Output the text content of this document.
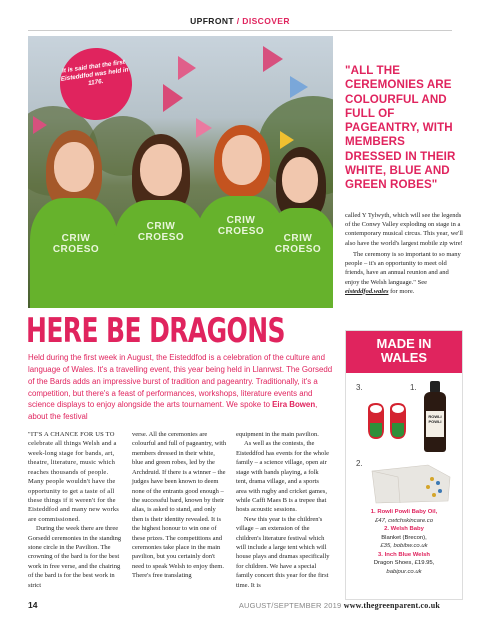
UPFRONT / DISCOVER
CRIW
CROESO
CRIW
CROESO
CRIW
CROESO
CRIW
CROESO
It is said that the first Eisteddfod was held in 1176.
"ALL THE CEREMONIES ARE COLOURFUL AND FULL OF PAGEANTRY, WITH MEMBERS DRESSED IN THEIR WHITE, BLUE AND GREEN ROBES"

called Y Tylwyth, which will see the legends of the Conwy Valley exploding on stage in a contemporary musical circus. This year, we'll also have the world's largest mobile zip wire!

The ceremony is so important to so many people – it's an opportunity to meet old friends, have an annual reunion and and enjoy the Welsh language." See eisteddfod.wales for more.

HERE BE DRAGONS
Held during the first week in August, the Eisteddfod is a celebration of the culture and language of Wales. It's a travelling event, this year being held in Llanrwst. The Gorsedd of the Bards adds an impressive burst of tradition and pageantry. Traditionally, it's a competition, but there's a feast of performances, workshops, literature events and science displays to enjoy alongside the arts tournament. We spoke to Eira Bowen, about the festival

"IT'S A CHANCE FOR US TO celebrate all things Welsh and a week-long stage for bands, art, theatre, literature, music which reaches thousands of people. Many people wouldn't have the opportunity to get a taste of all these things if it weren't for the Eisteddfod and many new works are commissioned.

During the week there are three Gorsedd ceremonies in the standing stone circle in the Pavilion. The crowning of the bard is for the best work in free verse, and the chairing of the bard is for the best work in strict

verse. All the ceremonies are colourful and full of pageantry, with members dressed in their white, blue and green robes, led by the Archdruid. If there is a winner – the judges have been known to deem none of the entrants good enough – the successful bard, known by their alias, is asked to stand, and only then is their identity revealed. It is the highest honour to win one of these prizes. The competitions and ceremonies take place in the main pavilion, but you certainly don't need to speak Welsh to enjoy them. There's free translating

equipment in the main pavilion.

As well as the contests, the Eisteddfod has events for the whole family – a science village, open air stage with bands playing, a folk tent, drama village, and a sports area with rugby and cricket games, while Caffi Maes B is a trepee that hosts acoustic sessions.

New this year is the children's village – an extension of the children's literature festival which will include a large tent which will house plays and dramas specifically for children. We have a special family concert this year for the first time. It is

MADE IN
WALES
3.	1.
2.
ROWLI POWLI
1. Rowli Powli Baby Oil,
£47, cwtchskincare.co
2. Welsh Baby
Blanket (Brecon),
£35, bobibw.co.uk
3. Inch Blue Welsh
Dragon Shoes, £19.95,
babipur.co.uk
14	AUGUST/SEPTEMBER 2019 www.thegreenparent.co.uk
